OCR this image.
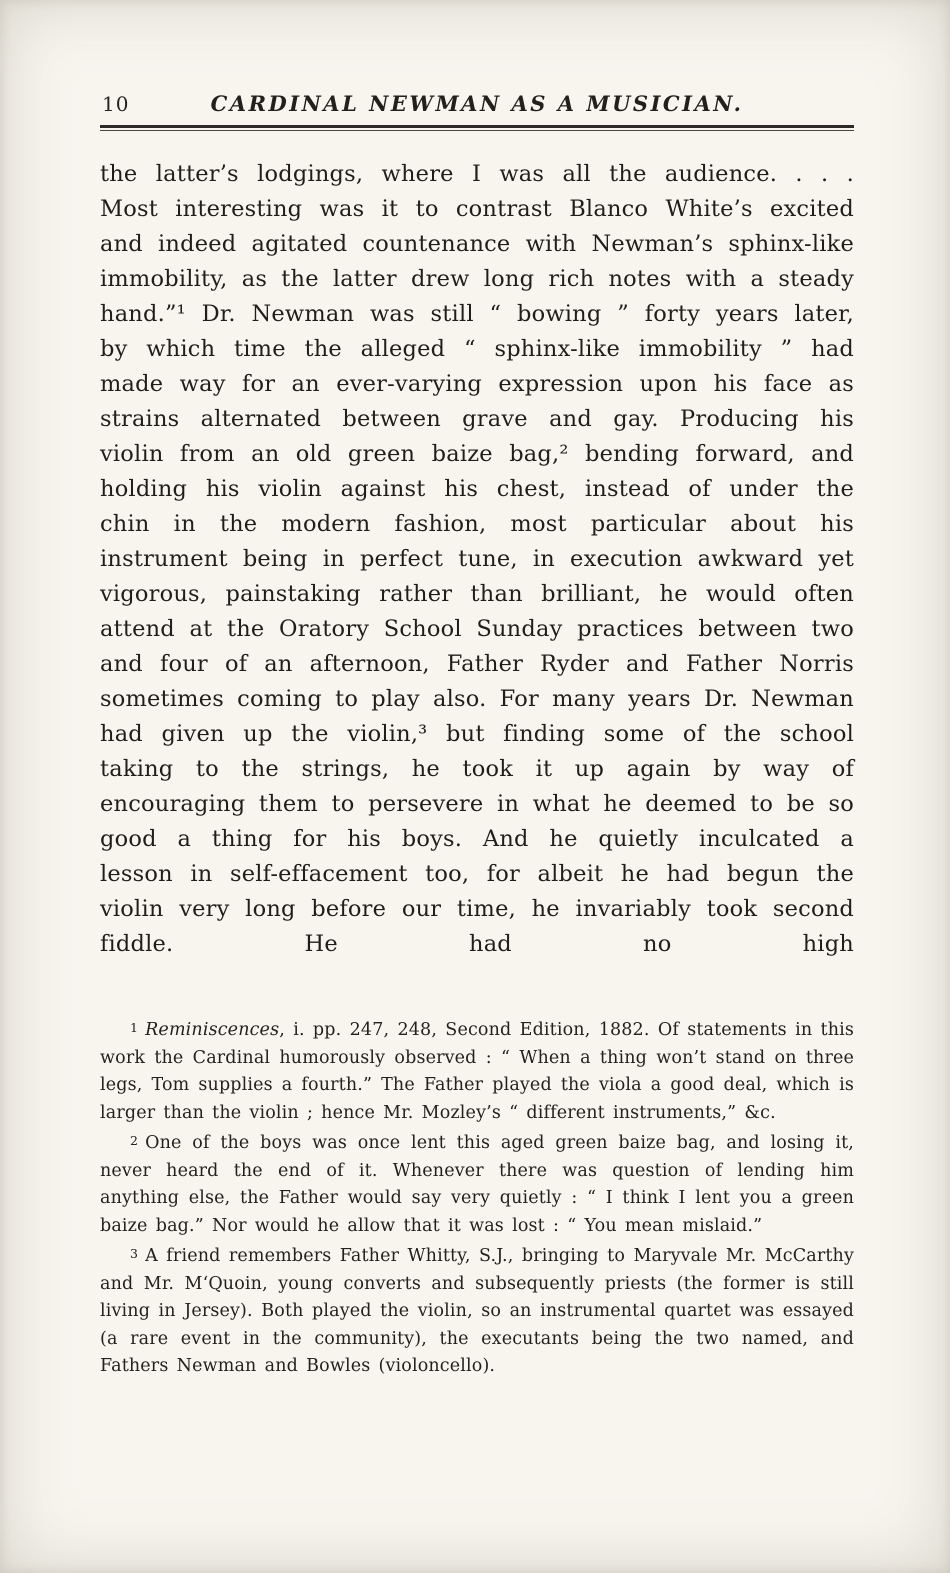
10	CARDINAL NEWMAN AS A MUSICIAN.

the latter’s lodgings, where I was all the audience. . . . Most interesting was it to contrast Blanco White’s excited and indeed agitated countenance with Newman’s sphinx-like immobility, as the latter drew long rich notes with a steady hand.”¹ Dr. Newman was still “ bowing ” forty years later, by which time the alleged “ sphinx-like immobility ” had made way for an ever-varying expression upon his face as strains alternated between grave and gay. Producing his violin from an old green baize bag,² bending forward, and holding his violin against his chest, instead of under the chin in the modern fashion, most particular about his instrument being in perfect tune, in execution awkward yet vigorous, painstaking rather than brilliant, he would often attend at the Oratory School Sunday practices between two and four of an afternoon, Father Ryder and Father Norris sometimes coming to play also. For many years Dr. Newman had given up the violin,³ but finding some of the school taking to the strings, he took it up again by way of encouraging them to persevere in what he deemed to be so good a thing for his boys. And he quietly inculcated a lesson in self-effacement too, for albeit he had begun the violin very long before our time, he invariably took second fiddle. He had no high

1 Reminiscences, i. pp. 247, 248, Second Edition, 1882. Of statements in this work the Cardinal humorously observed : “ When a thing won’t stand on three legs, Tom supplies a fourth.” The Father played the viola a good deal, which is larger than the violin ; hence Mr. Mozley’s “ different instruments,” &c.

2 One of the boys was once lent this aged green baize bag, and losing it, never heard the end of it. Whenever there was question of lending him anything else, the Father would say very quietly : “ I think I lent you a green baize bag.” Nor would he allow that it was lost : “ You mean mislaid.”

3 A friend remembers Father Whitty, S.J., bringing to Maryvale Mr. McCarthy and Mr. M‘Quoin, young converts and subsequently priests (the former is still living in Jersey). Both played the violin, so an instrumental quartet was essayed (a rare event in the community), the executants being the two named, and Fathers Newman and Bowles (violoncello).
